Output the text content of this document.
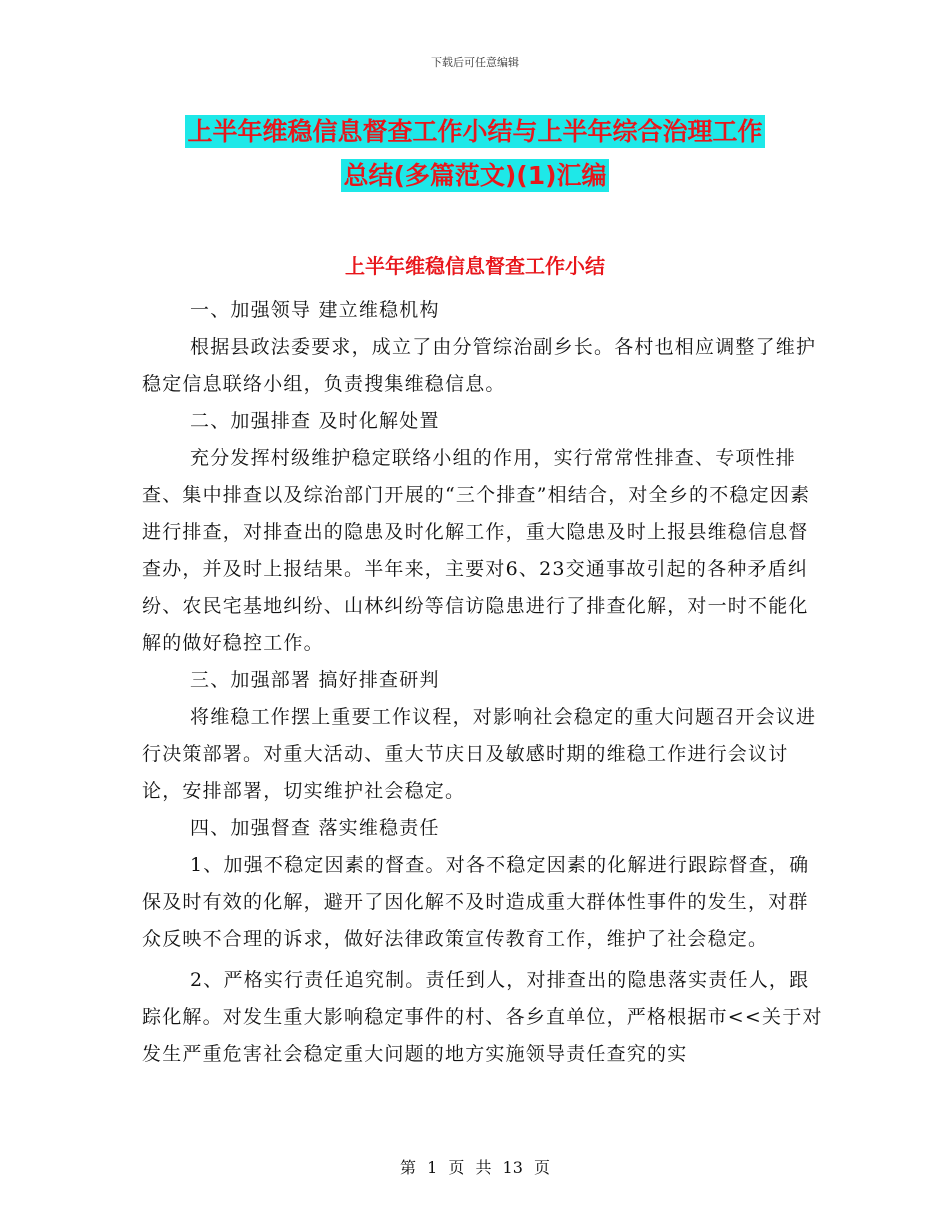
下载后可任意编辑
上半年维稳信息督查工作小结与上半年综合治理工作
总结(多篇范文)(1)汇编
上半年维稳信息督查工作小结

一、加强领导 建立维稳机构

根据县政法委要求，成立了由分管综治副乡长。各村也相应调整了维护稳定信息联络小组，负责搜集维稳信息。

二、加强排查 及时化解处置

充分发挥村级维护稳定联络小组的作用，实行常常性排查、专项性排查、集中排查以及综治部门开展的“三个排查”相结合，对全乡的不稳定因素进行排查，对排查出的隐患及时化解工作，重大隐患及时上报县维稳信息督查办，并及时上报结果。半年来，主要对6、23交通事故引起的各种矛盾纠纷、农民宅基地纠纷、山林纠纷等信访隐患进行了排查化解，对一时不能化解的做好稳控工作。

三、加强部署 搞好排查研判

将维稳工作摆上重要工作议程，对影响社会稳定的重大问题召开会议进行决策部署。对重大活动、重大节庆日及敏感时期的维稳工作进行会议讨论，安排部署，切实维护社会稳定。

四、加强督查 落实维稳责任

1、加强不稳定因素的督查。对各不稳定因素的化解进行跟踪督查，确保及时有效的化解，避开了因化解不及时造成重大群体性事件的发生，对群众反映不合理的诉求，做好法律政策宣传教育工作，维护了社会稳定。

2、严格实行责任追究制。责任到人，对排查出的隐患落实责任人，跟踪化解。对发生重大影响稳定事件的村、各乡直单位，严格根据市<<关于对发生严重危害社会稳定重大问题的地方实施领导责任查究的实

第 1 页 共 13 页
